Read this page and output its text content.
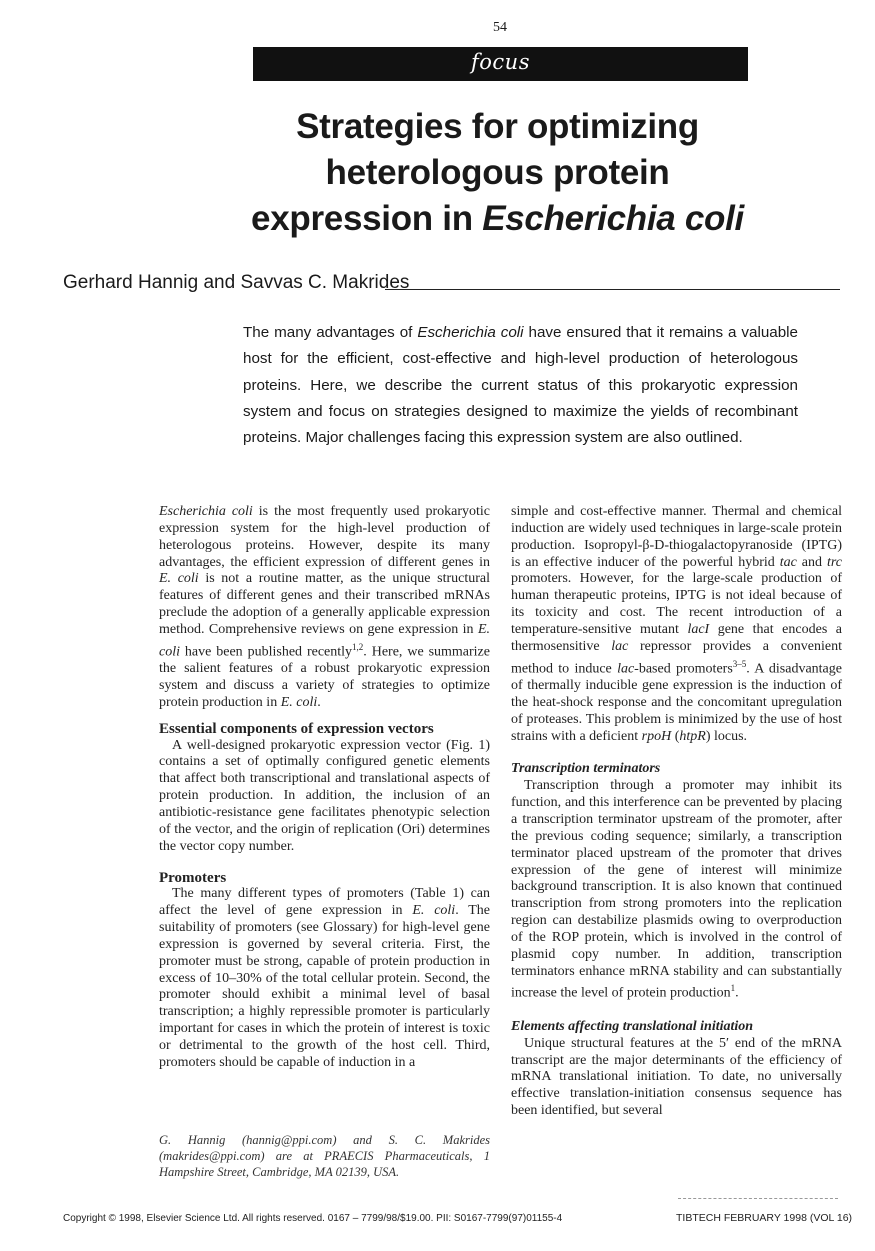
54
focus
Strategies for optimizing
heterologous protein
expression in Escherichia coli
Gerhard Hannig and Savvas C. Makrides
The many advantages of Escherichia coli have ensured that it remains a valuable host for the efficient, cost-effective and high-level production of heterologous proteins. Here, we describe the current status of this prokaryotic expression system and focus on strategies designed to maximize the yields of recombinant proteins. Major challenges facing this expression system are also outlined.

Escherichia coli is the most frequently used prokaryotic expression system for the high-level production of heterologous proteins. However, despite its many advantages, the efficient expression of different genes in E. coli is not a routine matter, as the unique structural features of different genes and their transcribed mRNAs preclude the adoption of a generally applicable expression method. Comprehensive reviews on gene expression in E. coli have been published recently$^{1,2}$. Here, we summarize the salient features of a robust prokaryotic expression system and discuss a variety of strategies to optimize protein production in E. coli.

Essential components of expression vectors

A well-designed prokaryotic expression vector (Fig. 1) contains a set of optimally configured genetic elements that affect both transcriptional and translational aspects of protein production. In addition, the inclusion of an antibiotic-resistance gene facilitates phenotypic selection of the vector, and the origin of replication (Ori) determines the vector copy number.

Promoters

The many different types of promoters (Table 1) can affect the level of gene expression in E. coli. The suitability of promoters (see Glossary) for high-level gene expression is governed by several criteria. First, the promoter must be strong, capable of protein production in excess of 10–30% of the total cellular protein. Second, the promoter should exhibit a minimal level of basal transcription; a highly repressible promoter is particularly important for cases in which the protein of interest is toxic or detrimental to the growth of the host cell. Third, promoters should be capable of induction in a

G. Hannig (hannig@ppi.com) and S. C. Makrides (makrides@ppi.com) are at PRAECIS Pharmaceuticals, 1 Hampshire Street, Cambridge, MA 02139, USA.

simple and cost-effective manner. Thermal and chemical induction are widely used techniques in large-scale protein production. Isopropyl-β-D-thiogalactopyranoside (IPTG) is an effective inducer of the powerful hybrid tac and trc promoters. However, for the large-scale production of human therapeutic proteins, IPTG is not ideal because of its toxicity and cost. The recent introduction of a temperature-sensitive mutant lacI gene that encodes a thermosensitive lac repressor provides a convenient method to induce lac-based promoters$^{3-5}$. A disadvantage of thermally inducible gene expression is the induction of the heat-shock response and the concomitant upregulation of proteases. This problem is minimized by the use of host strains with a deficient rpoH (htpR) locus.

Transcription terminators

Transcription through a promoter may inhibit its function, and this interference can be prevented by placing a transcription terminator upstream of the promoter, after the previous coding sequence; similarly, a transcription terminator placed upstream of the promoter that drives expression of the gene of interest will minimize background transcription. It is also known that continued transcription from strong promoters into the replication region can destabilize plasmids owing to overproduction of the ROP protein, which is involved in the control of plasmid copy number. In addition, transcription terminators enhance mRNA stability and can substantially increase the level of protein production$^1$.

Elements affecting translational initiation

Unique structural features at the 5′ end of the mRNA transcript are the major determinants of the efficiency of mRNA translational initiation. To date, no universally effective translation-initiation consensus sequence has been identified, but several

Copyright © 1998, Elsevier Science Ltd. All rights reserved. 0167 – 7799/98/$19.00. PII: S0167-7799(97)01155-4	TIBTECH FEBRUARY 1998 (VOL 16)
